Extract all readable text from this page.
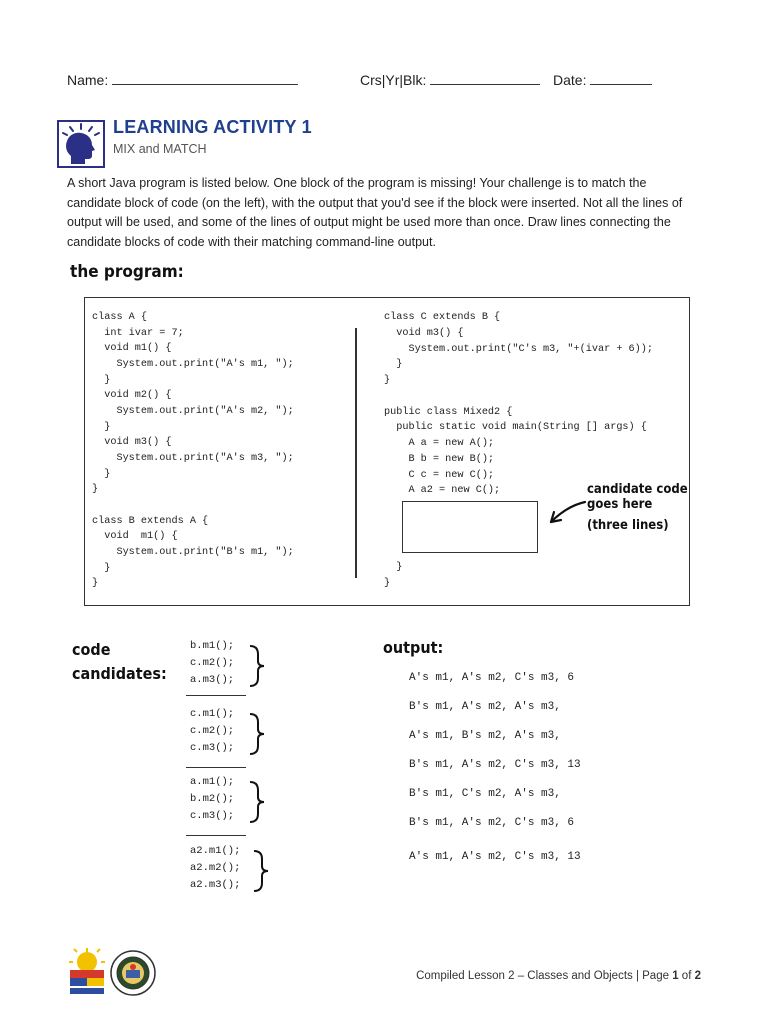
Name:	Crs|Yr|Blk:	Date:
LEARNING ACTIVITY 1
MIX and MATCH
A short Java program is listed below. One block of the program is missing! Your challenge is to match the candidate block of code (on the left), with the output that you'd see if the block were inserted. Not all the lines of output will be used, and some of the lines of output might be used more than once. Draw lines connecting the candidate blocks of code with their matching command-line output.
the program:
class A {
int ivar = 7;
void m1() {
System.out.print("A's m1, ");
}
void m2() {
System.out.print("A's m2, ");
}
void m3() {
System.out.print("A's m3, ");
}
}

class B extends A {
void  m1() {
System.out.print("B's m1, ");
}
}
class C extends B {
void m3() {
System.out.print("C's m3, "+(ivar + 6));
}
}

public class Mixed2 {
public static void main(String [] args) {
A a = new A();
B b = new B();
C c = new C();
A a2 = new C();
}
}
candidate code
goes here
(three lines)
code
candidates:
b.m1();
c.m2();
a.m3();
c.m1();
c.m2();
c.m3();
a.m1();
b.m2();
c.m3();
a2.m1();
a2.m2();
a2.m3();
output:
A's m1, A's m2, C's m3, 6
B's m1, A's m2, A's m3,
A's m1, B's m2, A's m3,
B's m1, A's m2, C's m3, 13
B's m1, C's m2, A's m3,
B's m1, A's m2, C's m3, 6
A's m1, A's m2, C's m3, 13
Compiled Lesson 2 – Classes and Objects | Page 1 of 2
